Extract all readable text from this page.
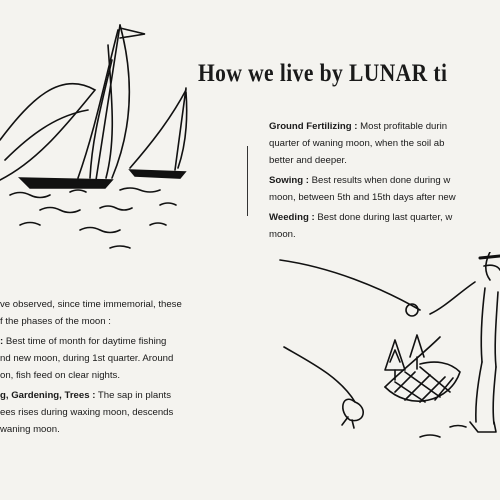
How we live by LUNAR ti
Ground Fertilizing : Most profitable durin
quarter of waning moon, when the soil ab
better and deeper.
Sowing : Best results when done during w
moon, between 5th and 15th days after new
Weeding : Best done during last quarter, w
moon.
ve observed, since time immemorial, these
f the phases of the moon :
: Best time of month for daytime fishing
nd new moon, during 1st quarter. Around
on, fish feed on clear nights.
g, Gardening, Trees : The sap in plants
ees rises during waxing moon, descends
waning moon.
